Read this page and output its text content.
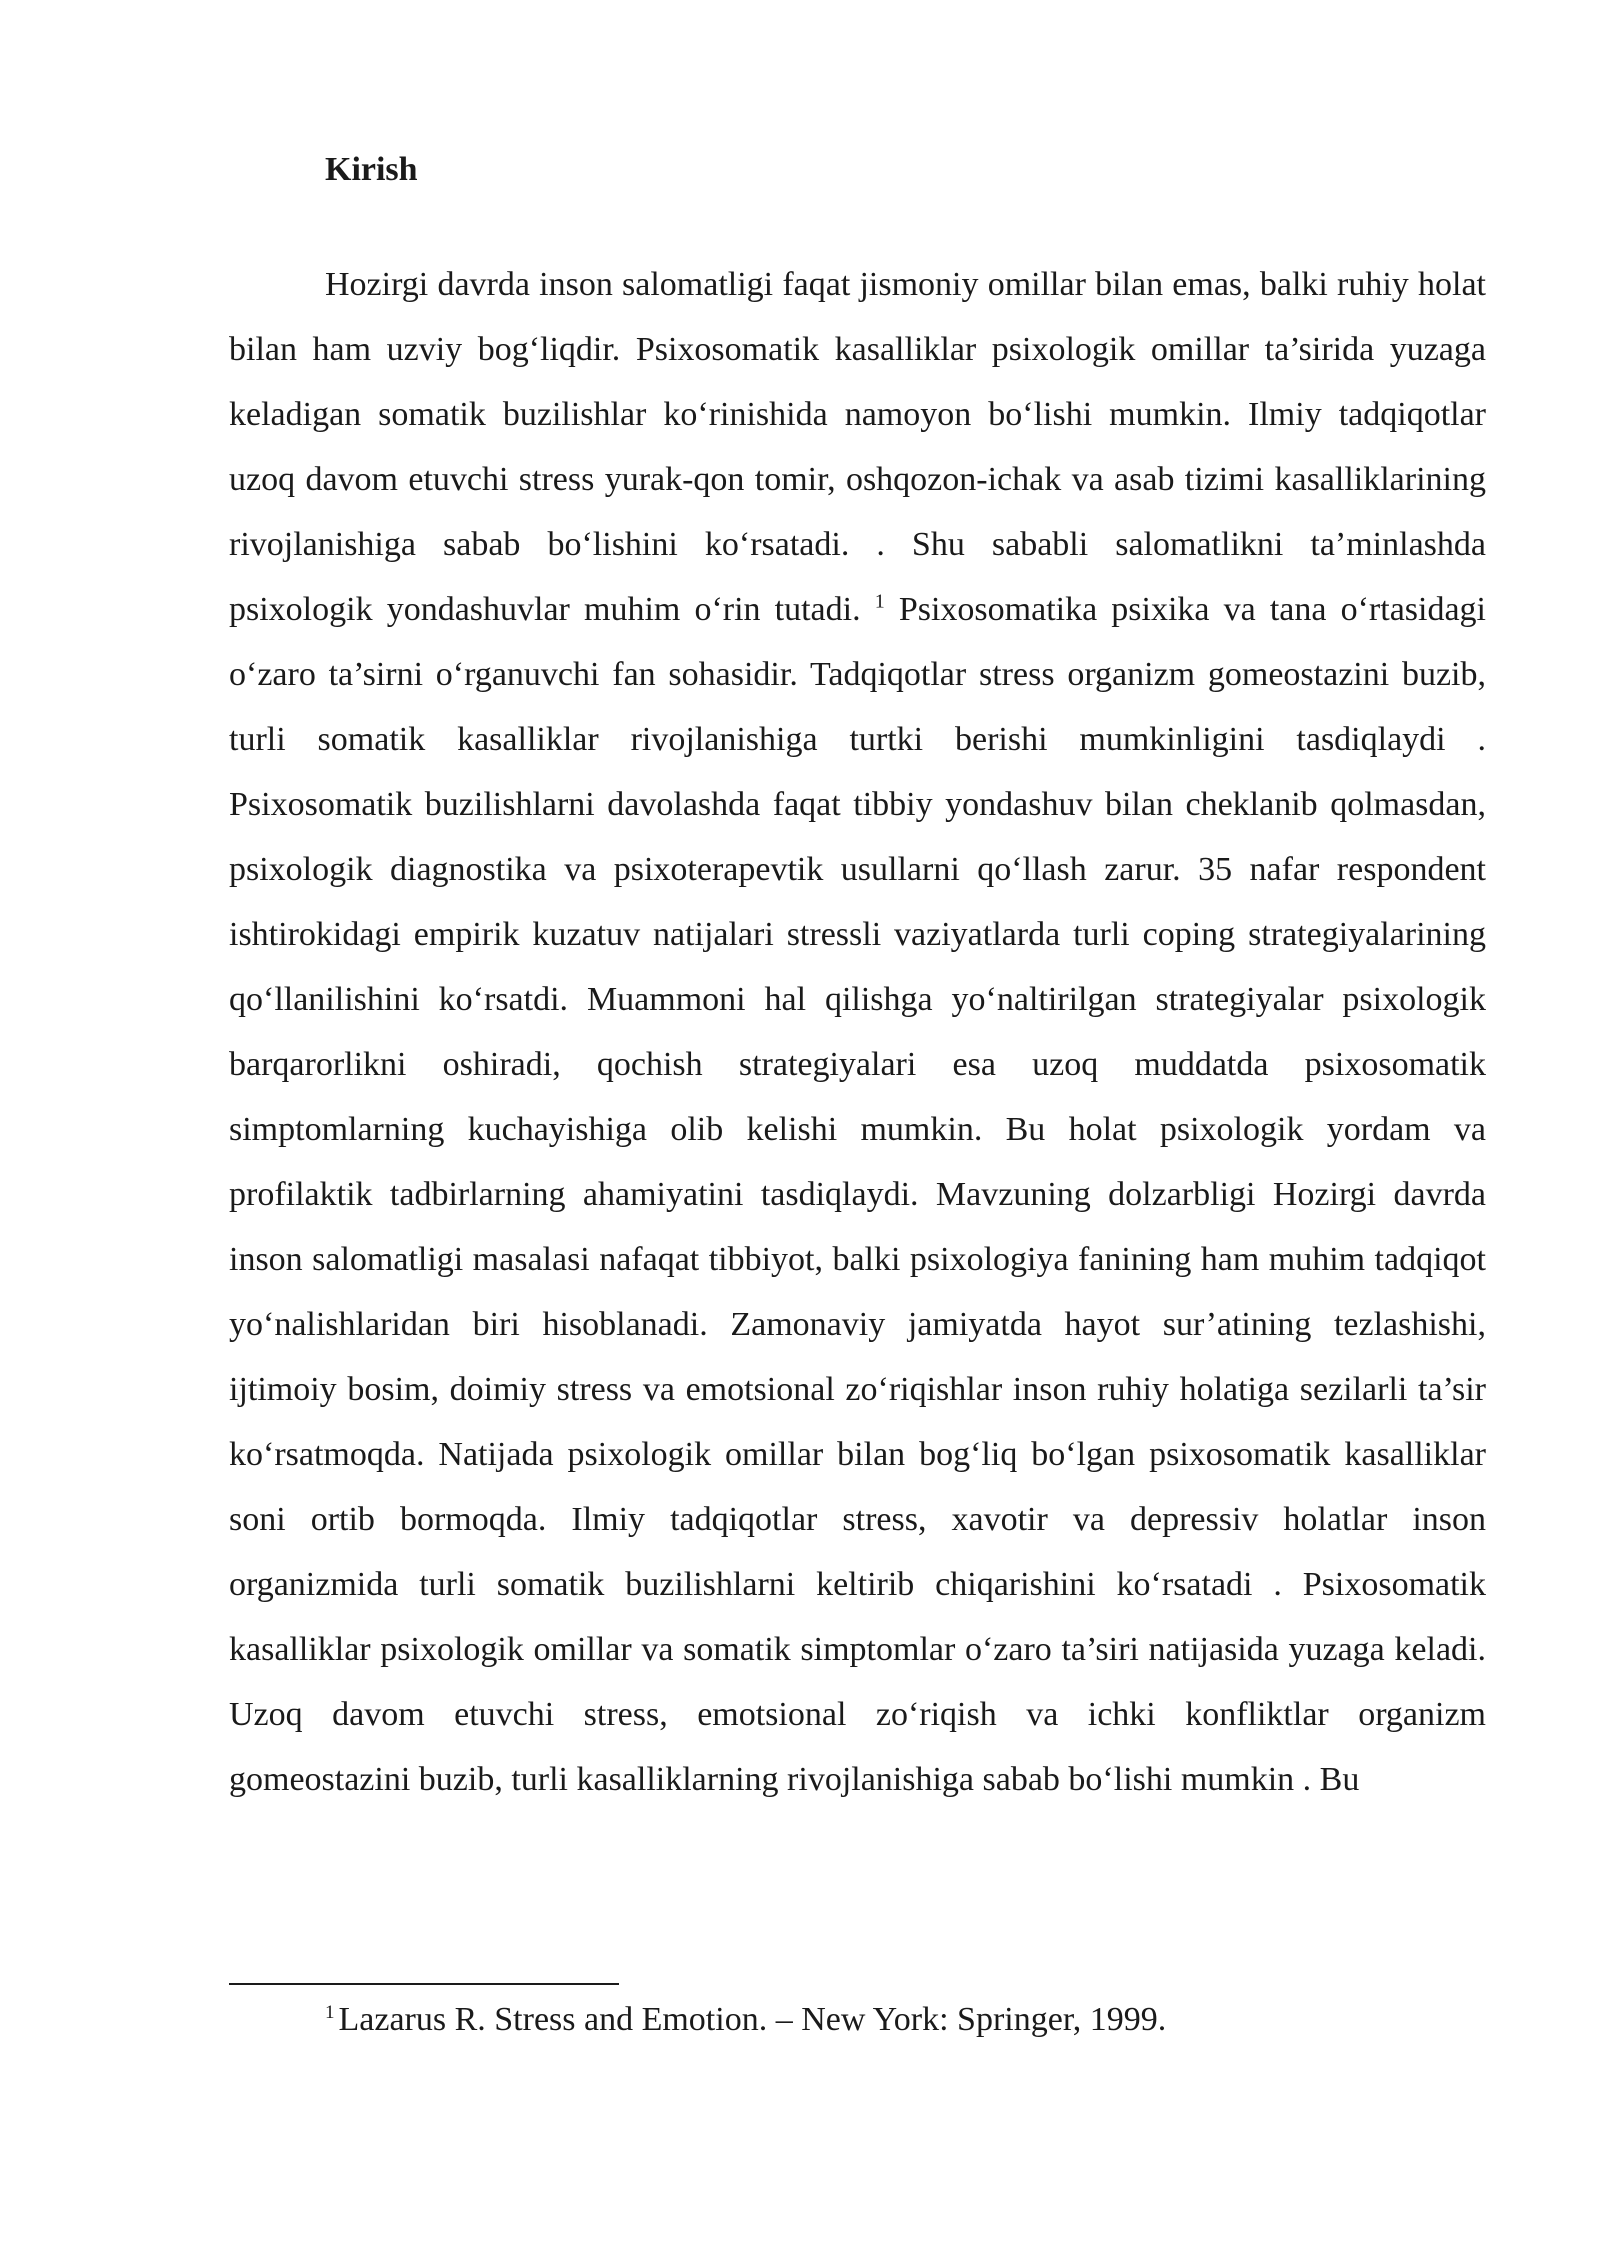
Kirish

Hozirgi davrda inson salomatligi faqat jismoniy omillar bilan emas, balki ruhiy holat bilan ham uzviy bog‘liqdir. Psixosomatik kasalliklar psixologik omillar ta’sirida yuzaga keladigan somatik buzilishlar ko‘rinishida namoyon bo‘lishi mumkin. Ilmiy tadqiqotlar uzoq davom etuvchi stress yurak-qon tomir, oshqozon-ichak va asab tizimi kasalliklarining rivojlanishiga sabab bo‘lishini ko‘rsatadi. . Shu sababli salomatlikni ta’minlashda psixologik yondashuvlar muhim o‘rin tutadi. $^1$ Psixosomatika psixika va tana o‘rtasidagi o‘zaro ta’sirni o‘rganuvchi fan sohasidir. Tadqiqotlar stress organizm gomeostazini buzib, turli somatik kasalliklar rivojlanishiga turtki berishi mumkinligini tasdiqlaydi . Psixosomatik buzilishlarni davolashda faqat tibbiy yondashuv bilan cheklanib qolmasdan, psixologik diagnostika va psixoterapevtik usullarni qo‘llash zarur. 35 nafar respondent ishtirokidagi empirik kuzatuv natijalari stressli vaziyatlarda turli coping strategiyalarining qo‘llanilishini ko‘rsatdi. Muammoni hal qilishga yo‘naltirilgan strategiyalar psixologik barqarorlikni oshiradi, qochish strategiyalari esa uzoq muddatda psixosomatik simptomlarning kuchayishiga olib kelishi mumkin. Bu holat psixologik yordam va profilaktik tadbirlarning ahamiyatini tasdiqlaydi. Mavzuning dolzarbligi Hozirgi davrda inson salomatligi masalasi nafaqat tibbiyot, balki psixologiya fanining ham muhim tadqiqot yo‘nalishlaridan biri hisoblanadi. Zamonaviy jamiyatda hayot sur’atining tezlashishi, ijtimoiy bosim, doimiy stress va emotsional zo‘riqishlar inson ruhiy holatiga sezilarli ta’sir ko‘rsatmoqda. Natijada psixologik omillar bilan bog‘liq bo‘lgan psixosomatik kasalliklar soni ortib bormoqda. Ilmiy tadqiqotlar stress, xavotir va depressiv holatlar inson organizmida turli somatik buzilishlarni keltirib chiqarishini ko‘rsatadi . Psixosomatik kasalliklar psixologik omillar va somatik simptomlar o‘zaro ta’siri natijasida yuzaga keladi. Uzoq davom etuvchi stress, emotsional zo‘riqish va ichki konfliktlar organizm gomeostazini buzib, turli kasalliklarning rivojlanishiga sabab bo‘lishi mumkin . Bu

$^1$ Lazarus R. Stress and Emotion. – New York: Springer, 1999.
